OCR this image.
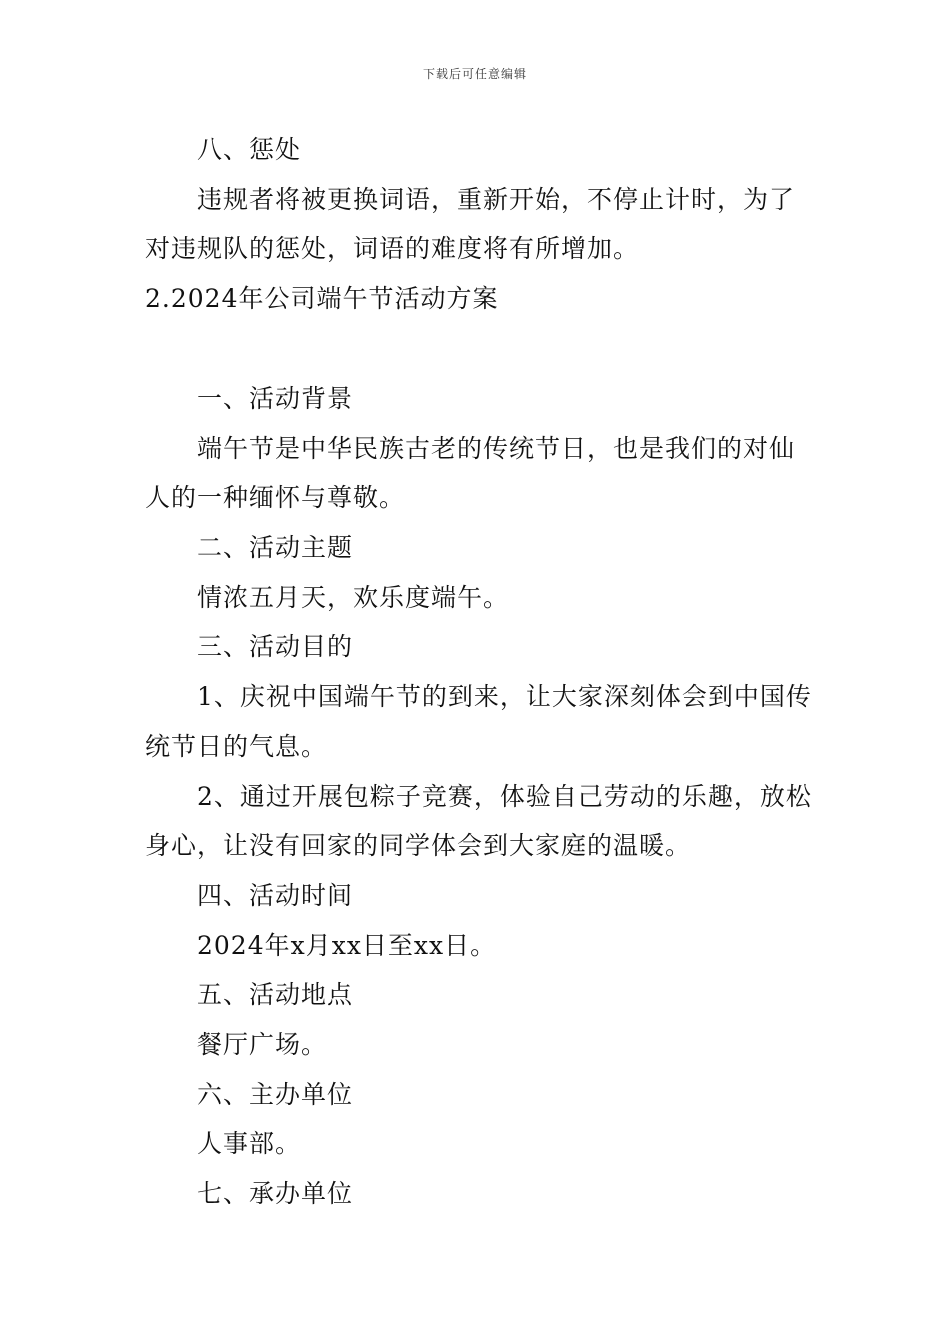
下载后可任意编辑
八、惩处
违规者将被更换词语，重新开始，不停止计时，为了
对违规队的惩处，词语的难度将有所增加。
2.2024年公司端午节活动方案
一、活动背景
端午节是中华民族古老的传统节日，也是我们的对仙
人的一种缅怀与尊敬。
二、活动主题
情浓五月天，欢乐度端午。
三、活动目的
1、庆祝中国端午节的到来，让大家深刻体会到中国传
统节日的气息。
2、通过开展包粽子竞赛，体验自己劳动的乐趣，放松
身心，让没有回家的同学体会到大家庭的温暖。
四、活动时间
2024年x月xx日至xx日。
五、活动地点
餐厅广场。
六、主办单位
人事部。
七、承办单位
